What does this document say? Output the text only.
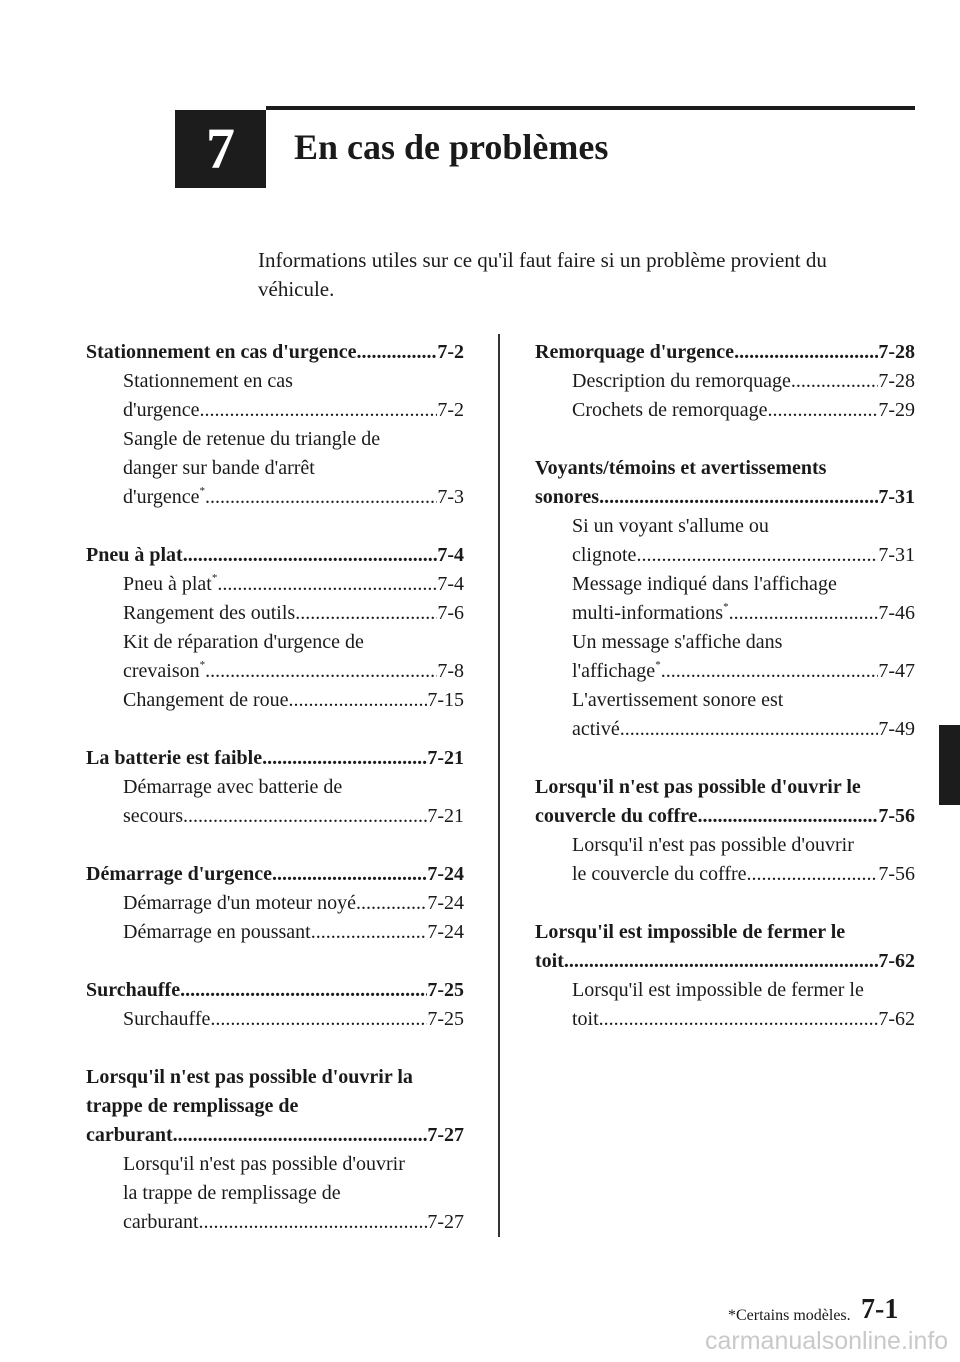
7	En cas de problèmes
Informations utiles sur ce qu'il faut faire si un problème provient du
véhicule.
Stationnement en cas d'urgence .....	7-2
Stationnement en cas
d'urgence .....	7-2
Sangle de retenue du triangle de
danger sur bande d'arrêt
d'urgence* .....	7-3
Pneu à plat .....	7-4
Pneu à plat* .....	7-4
Rangement des outils .....	7-6
Kit de réparation d'urgence de
crevaison* .....	7-8
Changement de roue .....	7-15
La batterie est faible .....	7-21
Démarrage avec batterie de
secours .....	7-21
Démarrage d'urgence .....	7-24
Démarrage d'un moteur noyé .....	7-24
Démarrage en poussant .....	7-24
Surchauffe .....	7-25
Surchauffe .....	7-25
Lorsqu'il n'est pas possible d'ouvrir la
trappe de remplissage de
carburant .....	7-27
Lorsqu'il n'est pas possible d'ouvrir
la trappe de remplissage de
carburant .....	7-27
Remorquage d'urgence .....	7-28
Description du remorquage .....	7-28
Crochets de remorquage .....	7-29
Voyants/témoins et avertissements
sonores .....	7-31
Si un voyant s'allume ou
clignote .....	7-31
Message indiqué dans l'affichage
multi-informations* .....	7-46
Un message s'affiche dans
l'affichage* .....	7-47
L'avertissement sonore est
activé .....	7-49
Lorsqu'il n'est pas possible d'ouvrir le
couvercle du coffre .....	7-56
Lorsqu'il n'est pas possible d'ouvrir
le couvercle du coffre .....	7-56
Lorsqu'il est impossible de fermer le
toit .....	7-62
Lorsqu'il est impossible de fermer le
toit .....	7-62
*Certains modèles. 7-1
carmanualsonline.info
